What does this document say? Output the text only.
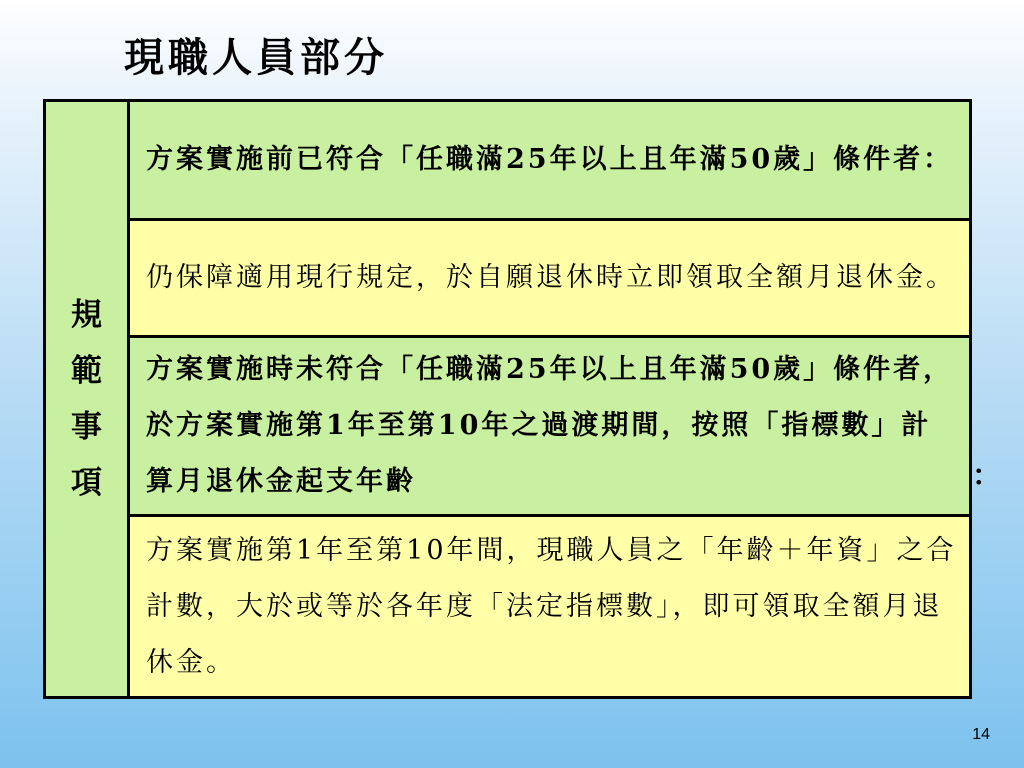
現職人員部分
規範事項	
方案實施前已符合「任職滿25年以上且年滿50歲」條件者：

仍保障適用現行規定，於自願退休時立即領取全額月退休金。

方案實施時未符合「任職滿25年以上且年滿50歲」條件者，於方案實施第1年至第10年之過渡期間，按照「指標數」計算月退休金起支年齡

方案實施第1年至第10年間，現職人員之「年齡＋年資」之合計數，大於或等於各年度「法定指標數」，即可領取全額月退休金。
：
14
